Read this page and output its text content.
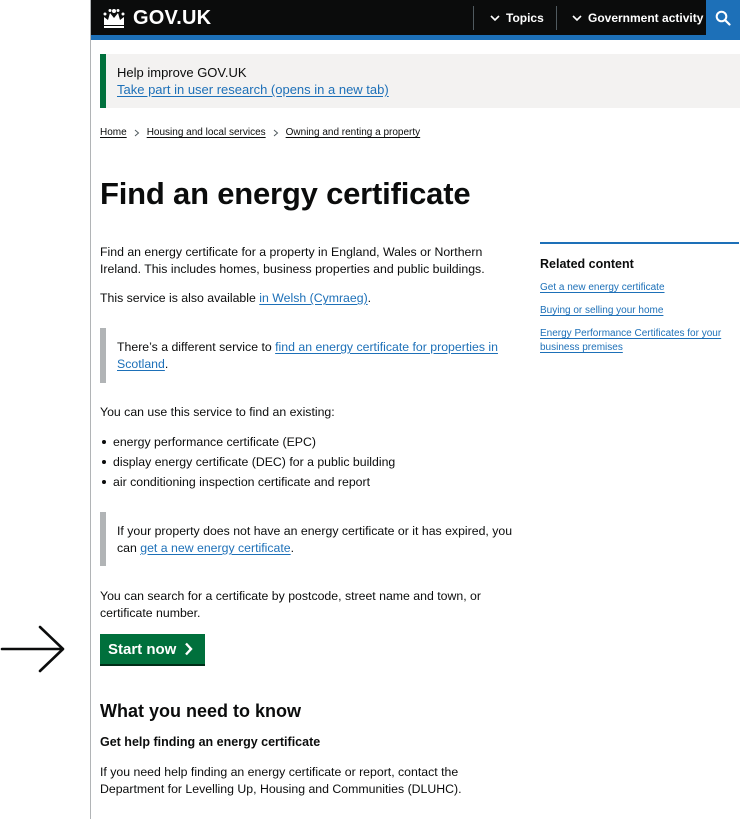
GOV.UK	Topics	Government activity
Help improve GOV.UK
Take part in user research (opens in a new tab)
Home Housing and local services Owning and renting a property
Find an energy certificate

Find an energy certificate for a property in England, Wales or Northern Ireland. This includes homes, business properties and public buildings.

This service is also available in Welsh (Cymraeg).

There’s a different service to find an energy certificate for properties in Scotland.

You can use this service to find an existing:

energy performance certificate (EPC)
display energy certificate (DEC) for a public building
air conditioning inspection certificate and report
If your property does not have an energy certificate or it has expired, you can get a new energy certificate.

You can search for a certificate by postcode, street name and town, or certificate number.

Start now
What you need to know
Get help finding an energy certificate

If you need help finding an energy certificate or report, contact the Department for Levelling Up, Housing and Communities (DLUHC).

Related content
Get a new energy certificate
Buying or selling your home
Energy Performance Certificates for your business premises
